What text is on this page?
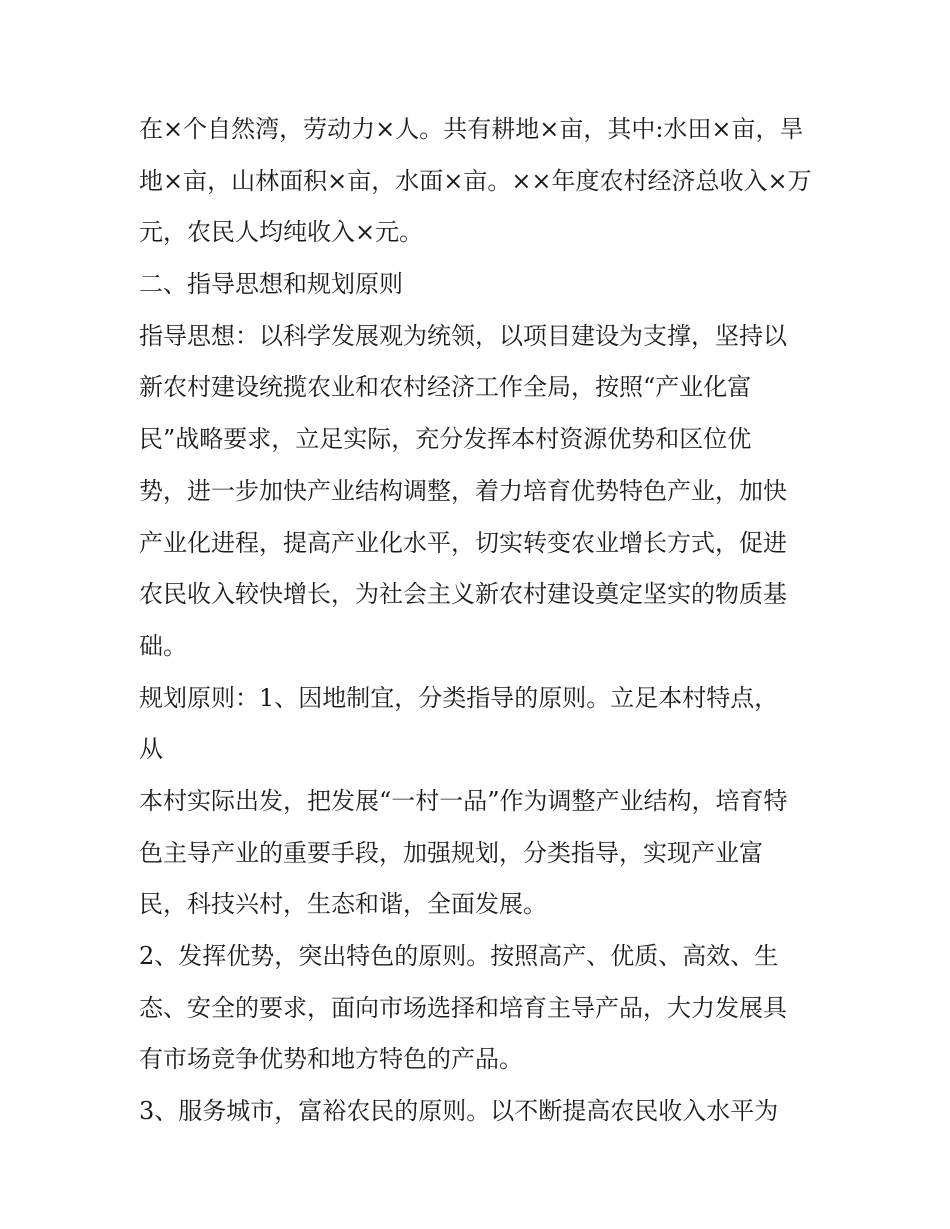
在×个自然湾，劳动力×人。共有耕地×亩，其中:水田×亩，旱
地×亩，山林面积×亩，水面×亩。××年度农村经济总收入×万
元，农民人均纯收入×元。
二、指导思想和规划原则
指导思想：以科学发展观为统领，以项目建设为支撑，坚持以
新农村建设统揽农业和农村经济工作全局，按照“产业化富
民”战略要求，立足实际，充分发挥本村资源优势和区位优
势，进一步加快产业结构调整，着力培育优势特色产业，加快
产业化进程，提高产业化水平，切实转变农业增长方式，促进
农民收入较快增长，为社会主义新农村建设奠定坚实的物质基
础。
规划原则：1、因地制宜，分类指导的原则。立足本村特点，
从
本村实际出发，把发展“一村一品”作为调整产业结构，培育特
色主导产业的重要手段，加强规划，分类指导，实现产业富
民，科技兴村，生态和谐，全面发展。
2、发挥优势，突出特色的原则。按照高产、优质、高效、生
态、安全的要求，面向市场选择和培育主导产品，大力发展具
有市场竞争优势和地方特色的产品。
3、服务城市，富裕农民的原则。以不断提高农民收入水平为
